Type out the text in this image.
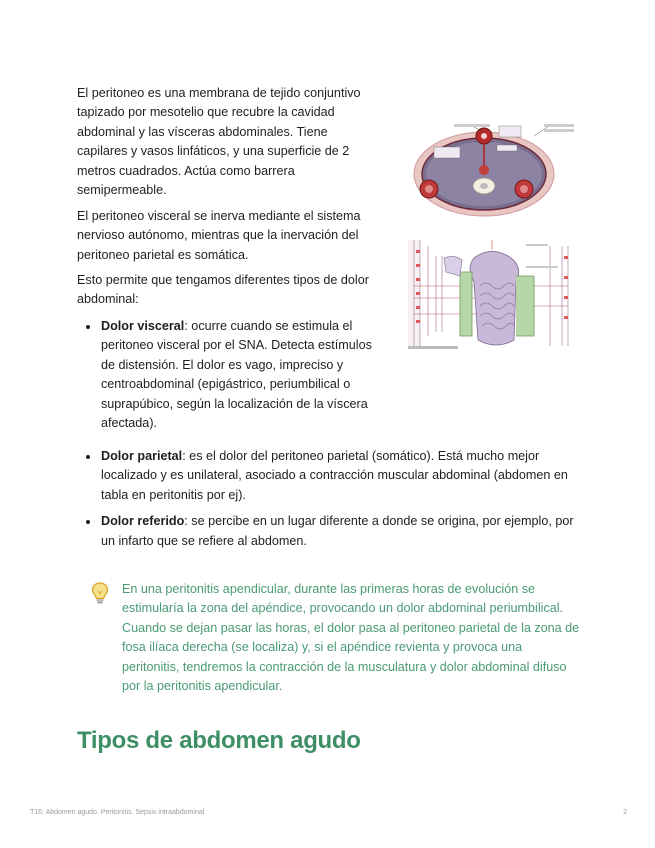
El peritoneo es una membrana de tejido conjuntivo tapizado por mesotelio que recubre la cavidad abdominal y las vísceras abdominales. Tiene capilares y vasos linfáticos, y una superficie de 2 metros cuadrados. Actúa como barrera semipermeable.

El peritoneo visceral se inerva mediante el sistema nervioso autónomo, mientras que la inervación del peritoneo parietal es somática.

Esto permite que tengamos diferentes tipos de dolor abdominal:

Dolor visceral: ocurre cuando se estimula el peritoneo visceral por el SNA. Detecta estímulos de distensión. El dolor es vago, impreciso y centroabdominal (epigástrico, periumbilical o suprapúbico, según la localización de la víscera afectada).
Dolor parietal: es el dolor del peritoneo parietal (somático). Está mucho mejor localizado y es unilateral, asociado a contracción muscular abdominal (abdomen en tabla en peritonitis por ej).
Dolor referido: se percibe en un lugar diferente a donde se origina, por ejemplo, por un infarto que se refiere al abdomen.

En una peritonitis apendicular, durante las primeras horas de evolución se estimularía la zona del apéndice, provocando un dolor abdominal periumbilical. Cuando se dejan pasar las horas, el dolor pasa al peritoneo parietal de la zona de fosa ilíaca derecha (se localiza) y, si el apéndice revienta y provoca una peritonitis, tendremos la contracción de la musculatura y dolor abdominal difuso por la peritonitis apendicular.

Tipos de abdomen agudo
T16: Abdomen agudo. Peritonitis. Sepsis intraabdominal	2
